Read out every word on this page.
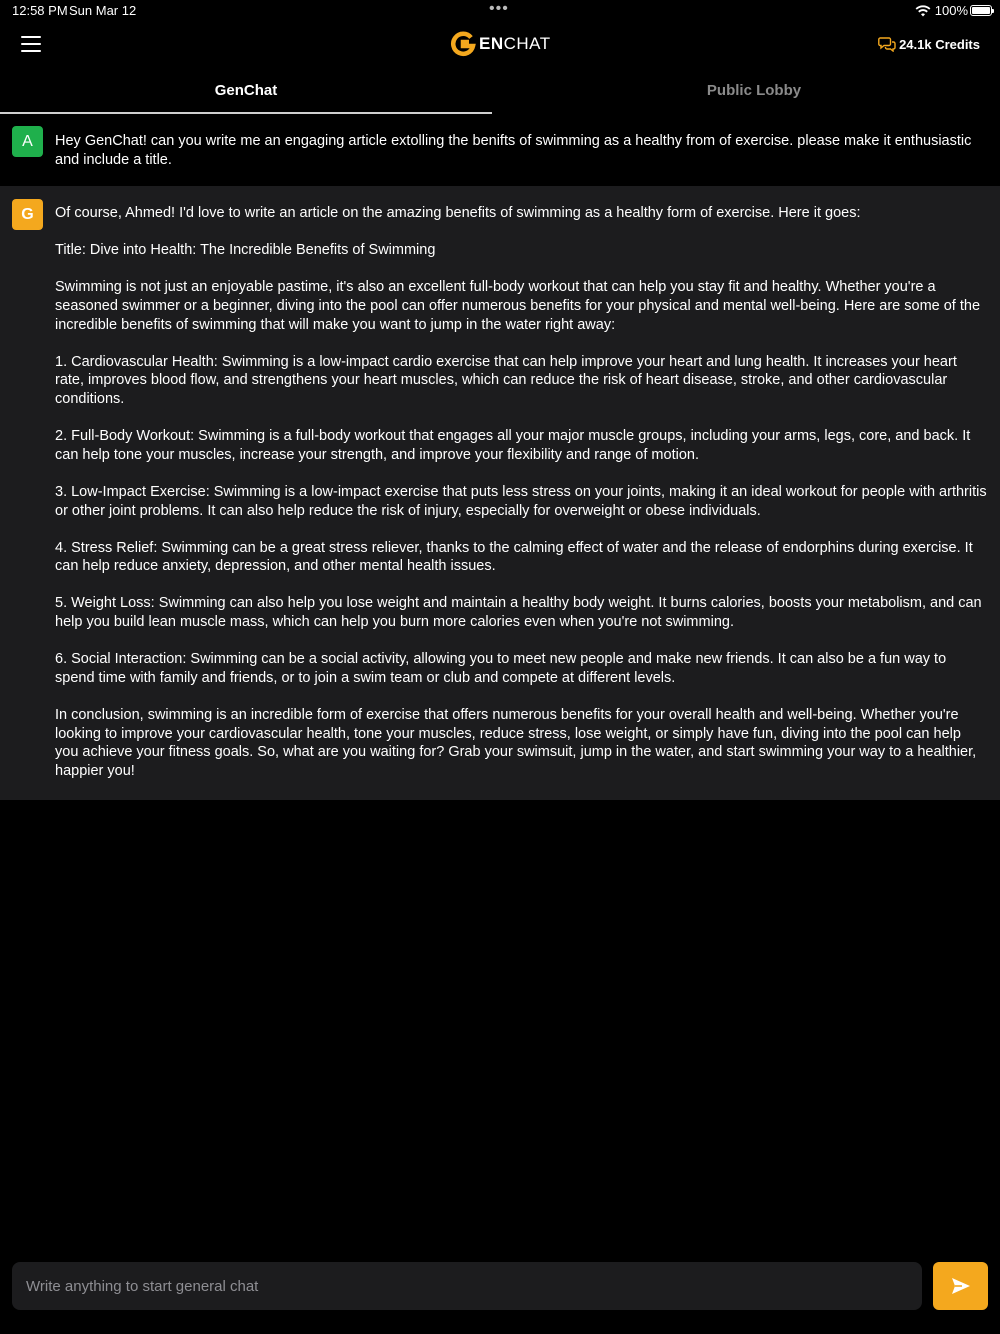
12:58 PM Sun Mar 12	•••	100%
EN CHAT	24.1k Credits
GenChat	Public Lobby
A	Hey GenChat! can you write me an engaging article extolling the benifts of swimming as a healthy from of exercise. please make it enthusiastic and include a title.
G	Of course, Ahmed! I'd love to write an article on the amazing benefits of swimming as a healthy form of exercise. Here it goes:

Title: Dive into Health: The Incredible Benefits of Swimming

Swimming is not just an enjoyable pastime, it's also an excellent full-body workout that can help you stay fit and healthy. Whether you're a seasoned swimmer or a beginner, diving into the pool can offer numerous benefits for your physical and mental well-being. Here are some of the incredible benefits of swimming that will make you want to jump in the water right away:

1. Cardiovascular Health: Swimming is a low-impact cardio exercise that can help improve your heart and lung health. It increases your heart rate, improves blood flow, and strengthens your heart muscles, which can reduce the risk of heart disease, stroke, and other cardiovascular conditions.

2. Full-Body Workout: Swimming is a full-body workout that engages all your major muscle groups, including your arms, legs, core, and back. It can help tone your muscles, increase your strength, and improve your flexibility and range of motion.

3. Low-Impact Exercise: Swimming is a low-impact exercise that puts less stress on your joints, making it an ideal workout for people with arthritis or other joint problems. It can also help reduce the risk of injury, especially for overweight or obese individuals.

4. Stress Relief: Swimming can be a great stress reliever, thanks to the calming effect of water and the release of endorphins during exercise. It can help reduce anxiety, depression, and other mental health issues.

5. Weight Loss: Swimming can also help you lose weight and maintain a healthy body weight. It burns calories, boosts your metabolism, and can help you build lean muscle mass, which can help you burn more calories even when you're not swimming.

6. Social Interaction: Swimming can be a social activity, allowing you to meet new people and make new friends. It can also be a fun way to spend time with family and friends, or to join a swim team or club and compete at different levels.

In conclusion, swimming is an incredible form of exercise that offers numerous benefits for your overall health and well-being. Whether you're looking to improve your cardiovascular health, tone your muscles, reduce stress, lose weight, or simply have fun, diving into the pool can help you achieve your fitness goals. So, what are you waiting for? Grab your swimsuit, jump in the water, and start swimming your way to a healthier, happier you!

Write anything to start general chat
